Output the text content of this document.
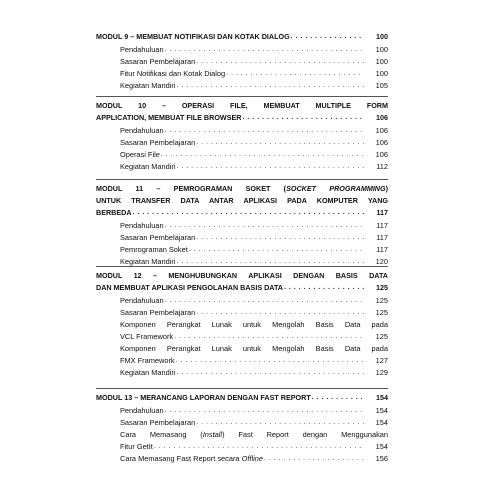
MODUL 9 – MEMBUAT NOTIFIKASI DAN KOTAK DIALOG . . . . . . . . . . . . . . .	100
Pendahuluan . . . . . . . . . . . . . . . . . . . . . . . . . . . . . . . . . . . . . . . . .	100
Sasaran Pembelajaran . . . . . . . . . . . . . . . . . . . . . . . . . . . . . . . . . . .	100
Fitur Notifikasi dan Kotak Dialog . . . . . . . . . . . . . . . . . . . . . . . . . . . .	100
Kegiatan Mandiri . . . . . . . . . . . . . . . . . . . . . . . . . . . . . . . . . . . . . . .	105
MODUL 10 – OPERASI FILE, MEMBUAT MULTIPLE FORM
APPLICATION, MEMBUAT FILE BROWSER . . . . . . . . . . . . . . . . . . . . . . . . .	106
Pendahuluan . . . . . . . . . . . . . . . . . . . . . . . . . . . . . . . . . . . . . . . . .	106
Sasaran Pembelajaran . . . . . . . . . . . . . . . . . . . . . . . . . . . . . . . . . . .	106
Operasi File . . . . . . . . . . . . . . . . . . . . . . . . . . . . . . . . . . . . . . . . . .	106
Kegiatan Mandiri . . . . . . . . . . . . . . . . . . . . . . . . . . . . . . . . . . . . . . .	112
MODUL 11 – PEMROGRAMAN SOKET (SOCKET PROGRAMMING)
UNTUK TRANSFER DATA ANTAR APLIKASI PADA KOMPUTER YANG
BERBEDA . . . . . . . . . . . . . . . . . . . . . . . . . . . . . . . . . . . . . . . . . . . . . . . .	117
Pendahuluan . . . . . . . . . . . . . . . . . . . . . . . . . . . . . . . . . . . . . . . . .	117
Sasaran Pembelajaran . . . . . . . . . . . . . . . . . . . . . . . . . . . . . . . . . . .	117
Pemrograman Soket . . . . . . . . . . . . . . . . . . . . . . . . . . . . . . . . . . . .	117
Kegiatan Mandiri . . . . . . . . . . . . . . . . . . . . . . . . . . . . . . . . . . . . . . .	120
MODUL 12 – MENGHUBUNGKAN APLIKASI DENGAN BASIS DATA
DAN MEMBUAT APLIKASI PENGOLAHAN BASIS DATA . . . . . . . . . . . . . . . . .	125
Pendahuluan . . . . . . . . . . . . . . . . . . . . . . . . . . . . . . . . . . . . . . . . .	125
Sasaran Pembelajaran . . . . . . . . . . . . . . . . . . . . . . . . . . . . . . . . . . .	125
Komponen Perangkat Lunak untuk Mengolah Basis Data pada
VCL Framework . . . . . . . . . . . . . . . . . . . . . . . . . . . . . . . . . . . . . . .	125
Komponen Perangkat Lunak untuk Mengolah Basis Data pada
FMX Framework . . . . . . . . . . . . . . . . . . . . . . . . . . . . . . . . . . . . . . .	127
Kegiatan Mandiri . . . . . . . . . . . . . . . . . . . . . . . . . . . . . . . . . . . . . . .	129
MODUL 13 – MERANCANG LAPORAN DENGAN FAST REPORT . . . . . . . . . . .	154
Pendahuluan . . . . . . . . . . . . . . . . . . . . . . . . . . . . . . . . . . . . . . . . .	154
Sasaran Pembelajaran . . . . . . . . . . . . . . . . . . . . . . . . . . . . . . . . . . .	154
Cara Memasang (Install) Fast Report dengan Menggunakan
Fitur GetIt . . . . . . . . . . . . . . . . . . . . . . . . . . . . . . . . . . . . . . . . . . .	154
Cara Memasang Fast Report secara Offline . . . . . . . . . . . . . . . . . . . . .	156
